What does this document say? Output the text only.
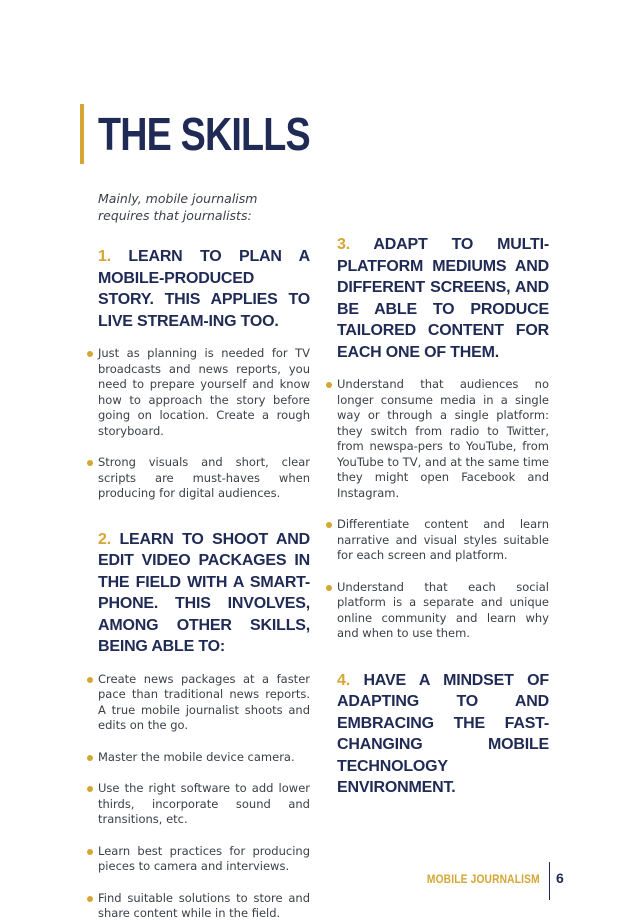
THE SKILLS

Mainly, mobile journalism requires that journalists:

1. LEARN TO PLAN A MOBILE-PRODUCED STORY. THIS APPLIES TO LIVE STREAM-ING TOO.
Just as planning is needed for TV broadcasts and news reports, you need to prepare yourself and know how to approach the story before going on location. Create a rough storyboard.
Strong visuals and short, clear scripts are must-haves when producing for digital audiences.
2. LEARN TO SHOOT AND EDIT VIDEO PACKAGES IN THE FIELD WITH A SMART-PHONE. THIS INVOLVES, AMONG OTHER SKILLS, BEING ABLE TO:
Create news packages at a faster pace than traditional news reports. A true mobile journalist shoots and edits on the go.
Master the mobile device camera.
Use the right software to add lower thirds, incorporate sound and transitions, etc.
Learn best practices for producing pieces to camera and interviews.
Find suitable solutions to store and share content while in the field.
3. ADAPT TO MULTI-PLATFORM MEDIUMS AND DIFFERENT SCREENS, AND BE ABLE TO PRODUCE TAILORED CONTENT FOR EACH ONE OF THEM.
Understand that audiences no longer consume media in a single way or through a single platform: they switch from radio to Twitter, from newspa-pers to YouTube, from YouTube to TV, and at the same time they might open Facebook and Instagram.
Differentiate content and learn narrative and visual styles suitable for each screen and platform.
Understand that each social platform is a separate and unique online community and learn why and when to use them.
4. HAVE A MINDSET OF ADAPTING TO AND EMBRACING THE FAST-CHANGING MOBILE TECHNOLOGY ENVIRONMENT.
MOBILE JOURNALISM 6
